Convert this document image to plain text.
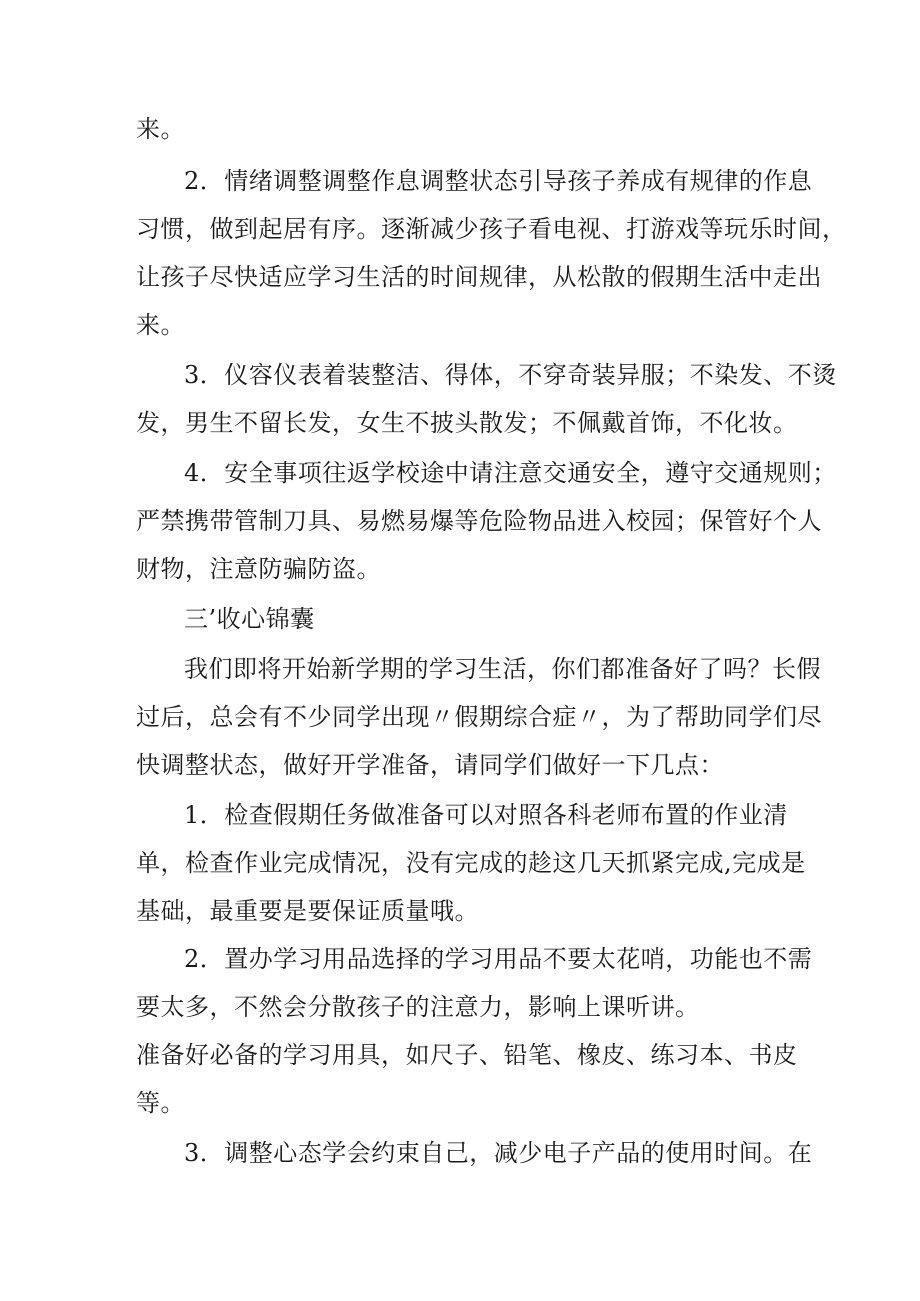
来。
2．情绪调整调整作息调整状态引导孩子养成有规律的作息
习惯，做到起居有序。逐渐减少孩子看电视、打游戏等玩乐时间，
让孩子尽快适应学习生活的时间规律，从松散的假期生活中走出
来。
3．仪容仪表着装整洁、得体，不穿奇装异服；不染发、不烫
发，男生不留长发，女生不披头散发；不佩戴首饰，不化妆。
4．安全事项往返学校途中请注意交通安全，遵守交通规则；
严禁携带管制刀具、易燃易爆等危险物品进入校园；保管好个人
财物，注意防骗防盗。
三’收心锦囊
我们即将开始新学期的学习生活，你们都准备好了吗？长假
过后，总会有不少同学出现〃假期综合症〃，为了帮助同学们尽
快调整状态，做好开学准备，请同学们做好一下几点：
1．检查假期任务做准备可以对照各科老师布置的作业清
单，检查作业完成情况，没有完成的趁这几天抓紧完成,完成是
基础，最重要是要保证质量哦。
2．置办学习用品选择的学习用品不要太花哨，功能也不需
要太多，不然会分散孩子的注意力，影响上课听讲。
准备好必备的学习用具，如尺子、铅笔、橡皮、练习本、书皮
等。
3．调整心态学会约束自己，减少电子产品的使用时间。在
